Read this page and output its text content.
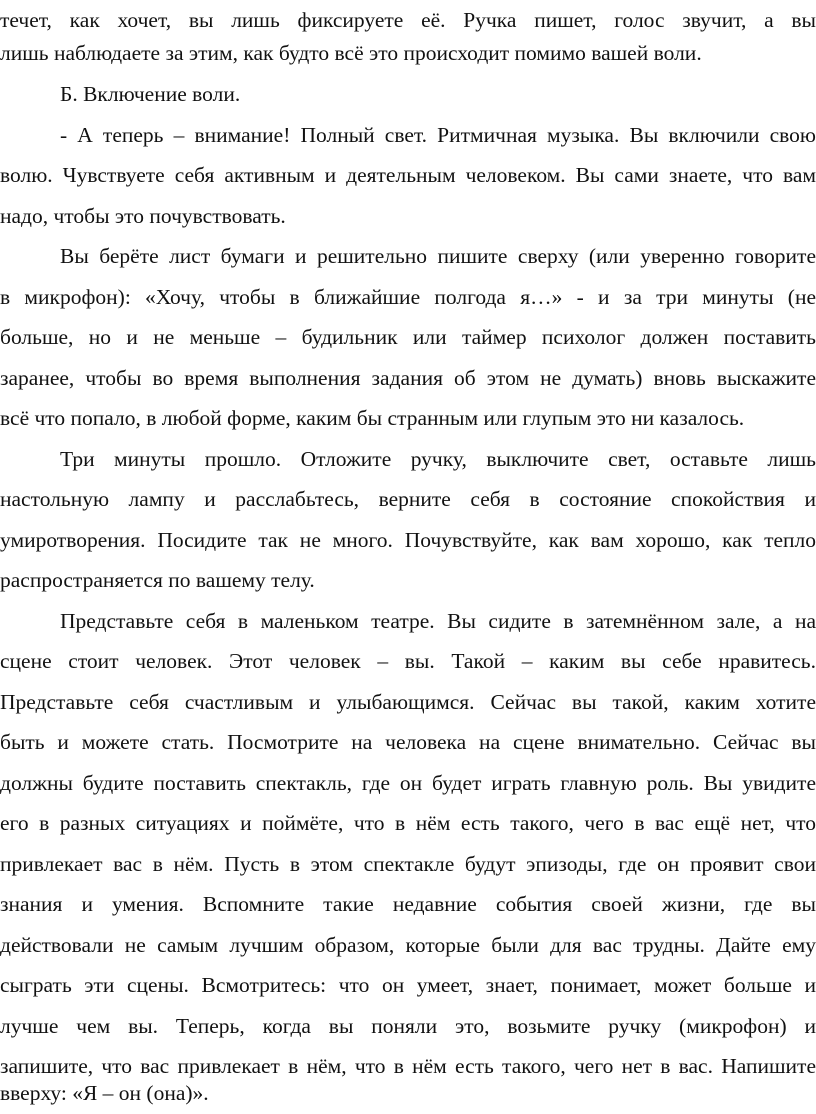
течет, как хочет, вы лишь фиксируете её. Ручка пишет, голос звучит, а вы
лишь наблюдаете за этим, как будто всё это происходит помимо вашей воли.
Б. Включение воли.
- А теперь – внимание! Полный свет. Ритмичная музыка. Вы включили свою
волю. Чувствуете себя активным и деятельным человеком. Вы сами знаете, что вам
надо, чтобы это почувствовать.
Вы берёте лист бумаги и решительно пишите сверху (или уверенно говорите
в микрофон): «Хочу, чтобы в ближайшие полгода я…» - и за три минуты (не
больше, но и не меньше – будильник или таймер психолог должен поставить
заранее, чтобы во время выполнения задания об этом не думать) вновь выскажите
всё что попало, в любой форме, каким бы странным или глупым это ни казалось.
Три минуты прошло. Отложите ручку, выключите свет, оставьте лишь
настольную лампу и расслабьтесь, верните себя в состояние спокойствия и
умиротворения. Посидите так не много. Почувствуйте, как вам хорошо, как тепло
распространяется по вашему телу.
Представьте себя в маленьком театре. Вы сидите в затемнённом зале, а на
сцене стоит человек. Этот человек – вы. Такой – каким вы себе нравитесь.
Представьте себя счастливым и улыбающимся. Сейчас вы такой, каким хотите
быть и можете стать. Посмотрите на человека на сцене внимательно. Сейчас вы
должны будите поставить спектакль, где он будет играть главную роль. Вы увидите
его в разных ситуациях и поймёте, что в нём есть такого, чего в вас ещё нет, что
привлекает вас в нём. Пусть в этом спектакле будут эпизоды, где он проявит свои
знания и умения. Вспомните такие недавние события своей жизни, где вы
действовали не самым лучшим образом, которые были для вас трудны. Дайте ему
сыграть эти сцены. Всмотритесь: что он умеет, знает, понимает, может больше и
лучше чем вы. Теперь, когда вы поняли это, возьмите ручку (микрофон) и
запишите, что вас привлекает в нём, что в нём есть такого, чего нет в вас. Напишите
вверху: «Я – он (она)».
